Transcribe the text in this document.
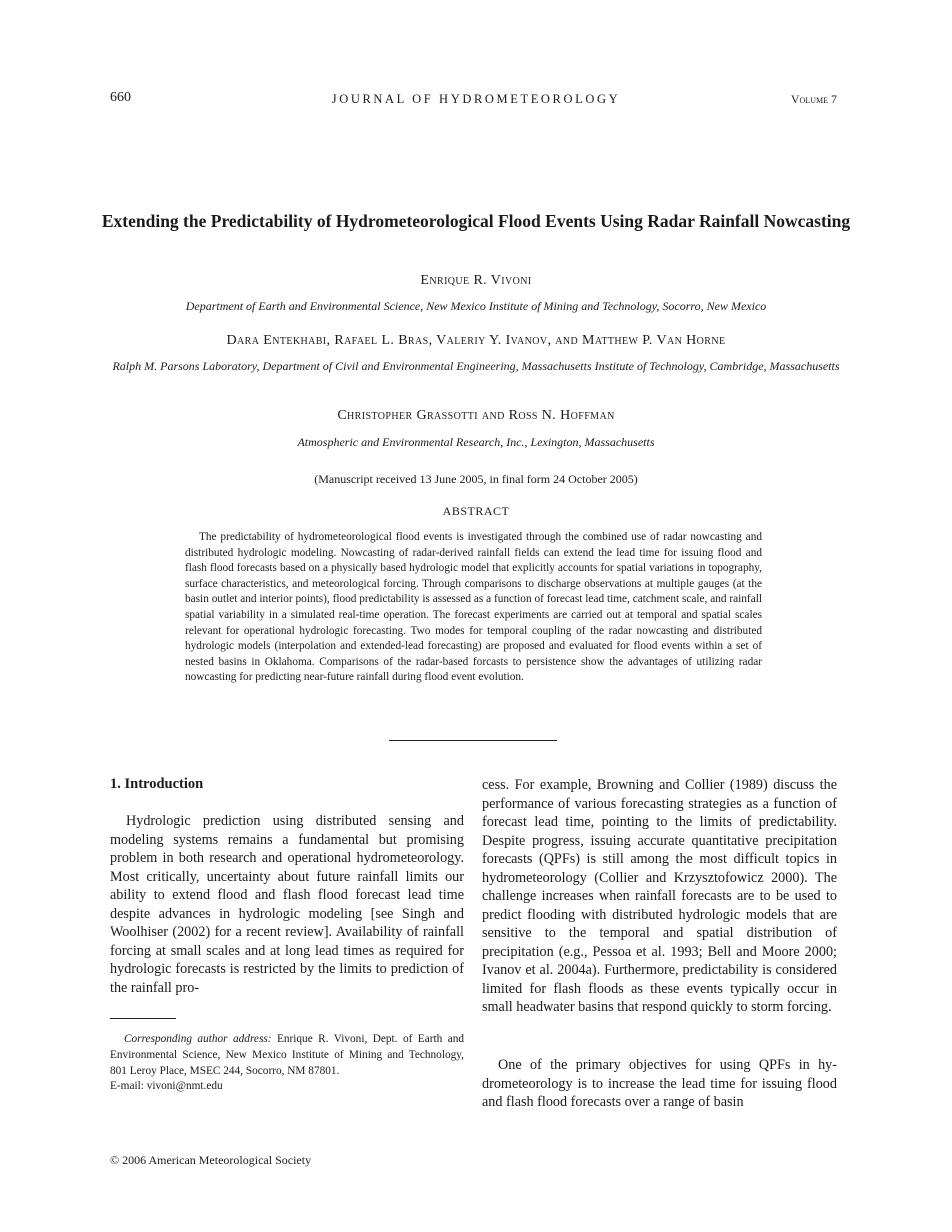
660	JOURNAL OF HYDROMETEOROLOGY	Volume 7
Extending the Predictability of Hydrometeorological Flood Events Using Radar Rainfall Nowcasting
Enrique R. Vivoni
Department of Earth and Environmental Science, New Mexico Institute of Mining and Technology, Socorro, New Mexico
Dara Entekhabi, Rafael L. Bras, Valeriy Y. Ivanov, and Matthew P. Van Horne
Ralph M. Parsons Laboratory, Department of Civil and Environmental Engineering, Massachusetts Institute of Technology, Cambridge, Massachusetts
Christopher Grassotti and Ross N. Hoffman
Atmospheric and Environmental Research, Inc., Lexington, Massachusetts
(Manuscript received 13 June 2005, in final form 24 October 2005)
ABSTRACT
The predictability of hydrometeorological flood events is investigated through the combined use of radar nowcasting and distributed hydrologic modeling. Nowcasting of radar-derived rainfall fields can extend the lead time for issuing flood and flash flood forecasts based on a physically based hydrologic model that explicitly accounts for spatial variations in topography, surface characteristics, and meteorological forcing. Through comparisons to discharge observations at multiple gauges (at the basin outlet and interior points), flood predictability is assessed as a function of forecast lead time, catchment scale, and rainfall spatial variability in a simulated real-time operation. The forecast experiments are carried out at temporal and spatial scales relevant for operational hydrologic forecasting. Two modes for temporal coupling of the radar nowcasting and distributed hydrologic models (interpolation and extended-lead forecasting) are proposed and evaluated for flood events within a set of nested basins in Oklahoma. Comparisons of the radar-based forcasts to persistence show the advantages of utilizing radar nowcasting for predicting near-future rainfall during flood event evolution.
1. Introduction
Hydrologic prediction using distributed sensing and modeling systems remains a fundamental but promising problem in both research and operational hydrometeorology. Most critically, uncertainty about future rainfall limits our ability to extend flood and flash flood forecast lead time despite advances in hydrologic modeling [see Singh and Woolhiser (2002) for a recent review]. Availability of rainfall forcing at small scales and at long lead times as required for hydrologic forecasts is restricted by the limits to prediction of the rainfall pro-
Corresponding author address: Enrique R. Vivoni, Dept. of Earth and Environmental Science, New Mexico Institute of Mining and Technology, 801 Leroy Place, MSEC 244, Socorro, NM 87801.
E-mail: vivoni@nmt.edu
cess. For example, Browning and Collier (1989) discuss the performance of various forecasting strategies as a function of forecast lead time, pointing to the limits of predictability. Despite progress, issuing accurate quantitative precipitation forecasts (QPFs) is still among the most difficult topics in hydrometeorology (Collier and Krzysztofowicz 2000). The challenge increases when rainfall forecasts are to be used to predict flooding with distributed hydrologic models that are sensitive to the temporal and spatial distribution of precipitation (e.g., Pessoa et al. 1993; Bell and Moore 2000; Ivanov et al. 2004a). Furthermore, predictability is considered limited for flash floods as these events typically occur in small headwater basins that respond quickly to storm forcing.
One of the primary objectives for using QPFs in hydrometeorology is to increase the lead time for issuing flood and flash flood forecasts over a range of basin
© 2006 American Meteorological Society
